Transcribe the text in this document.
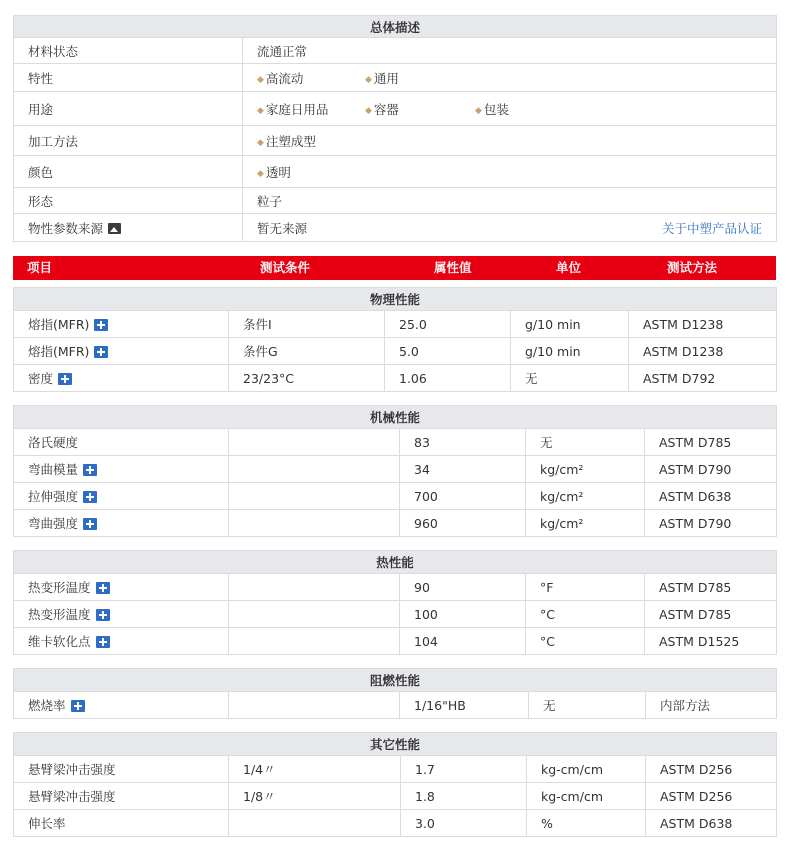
总体描述	
材料状态	流通正常
特性	◆ 高流动 ◆ 通用
用途	◆ 家庭日用品 ◆ 容器 ◆ 包装
加工方法	◆ 注塑成型
颜色	◆ 透明
形态	粒子
物性参数来源	暂无来源 关于中塑产品认证
项目	测试条件	属性值	单位	测试方法
物理性能				
熔指(MFR)	条件I	25.0	g/10 min	ASTM D1238
熔指(MFR)	条件G	5.0	g/10 min	ASTM D1238
密度	23/23°C	1.06	无	ASTM D792
机械性能				
洛氏硬度		83	无	ASTM D785
弯曲模量		34	kg/cm²	ASTM D790
拉伸强度		700	kg/cm²	ASTM D638
弯曲强度		960	kg/cm²	ASTM D790
热性能				
热变形温度		90	°F	ASTM D785
热变形温度		100	°C	ASTM D785
维卡软化点		104	°C	ASTM D1525
阻燃性能
燃烧率		1/16"HB	无	内部方法
其它性能				
悬臂梁冲击强度	1/4〃	1.7	kg-cm/cm	ASTM D256
悬臂梁冲击强度	1/8〃	1.8	kg-cm/cm	ASTM D256
伸长率		3.0	%	ASTM D638
